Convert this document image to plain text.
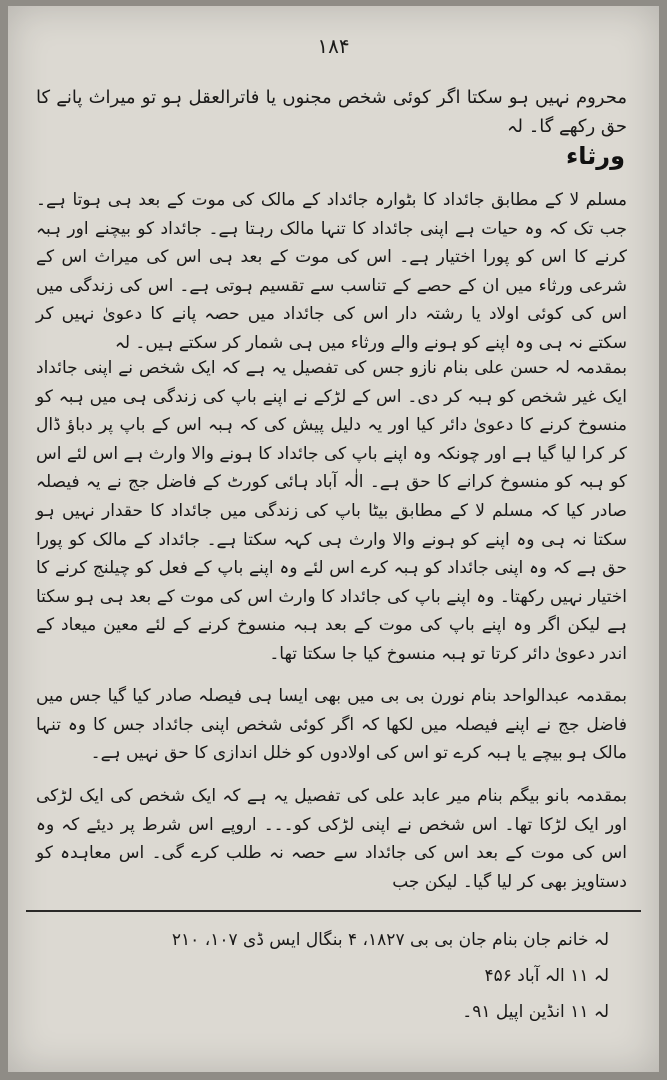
۱۸۴
محروم نہیں ہو سکتا اگر کوئی شخص مجنوں یا فاترالعقل ہو تو میراث پانے کا حق رکھے گا۔ لہ
ورثاء

مسلم لا کے مطابق جائداد کا بٹوارہ جائداد کے مالک کی موت کے بعد ہی ہوتا ہے۔ جب تک کہ وہ حیات ہے اپنی جائداد کا تنہا مالک رہتا ہے۔ جائداد کو بیچنے اور ہبہ کرنے کا اس کو پورا اختیار ہے۔ اس کی موت کے بعد ہی اس کی میراث اس کے شرعی ورثاء میں ان کے حصے کے تناسب سے تقسیم ہوتی ہے۔ اس کی زندگی میں اس کی کوئی اولاد یا رشتہ دار اس کی جائداد میں حصہ پانے کا دعویٰ نہیں کر سکتے نہ ہی وہ اپنے کو ہونے والے ورثاء میں ہی شمار کر سکتے ہیں۔ لہ

بمقدمہ لہ حسن علی بنام نازو جس کی تفصیل یہ ہے کہ ایک شخص نے اپنی جائداد ایک غیر شخص کو ہبہ کر دی۔ اس کے لڑکے نے اپنے باپ کی زندگی ہی میں ہبہ کو منسوخ کرنے کا دعویٰ دائر کیا اور یہ دلیل پیش کی کہ ہبہ اس کے باپ پر دباؤ ڈال کر کرا لیا گیا ہے اور چونکہ وہ اپنے باپ کی جائداد کا ہونے والا وارث ہے اس لئے اس کو ہبہ کو منسوخ کرانے کا حق ہے۔ الٰہ آباد ہائی کورٹ کے فاضل جج نے یہ فیصلہ صادر کیا کہ مسلم لا کے مطابق بیٹا باپ کی زندگی میں جائداد کا حقدار نہیں ہو سکتا نہ ہی وہ اپنے کو ہونے والا وارث ہی کہہ سکتا ہے۔ جائداد کے مالک کو پورا حق ہے کہ وہ اپنی جائداد کو ہبہ کرے اس لئے وہ اپنے باپ کے فعل کو چیلنج کرنے کا اختیار نہیں رکھتا۔ وہ اپنے باپ کی جائداد کا وارث اس کی موت کے بعد ہی ہو سکتا ہے لیکن اگر وہ اپنے باپ کی موت کے بعد ہبہ منسوخ کرنے کے لئے معین میعاد کے اندر دعویٰ دائر کرتا تو ہبہ منسوخ کیا جا سکتا تھا۔

بمقدمہ عبدالواحد بنام نورن بی بی میں بھی ایسا ہی فیصلہ صادر کیا گیا جس میں فاضل جج نے اپنے فیصلہ میں لکھا کہ اگر کوئی شخص اپنی جائداد جس کا وہ تنہا مالک ہو بیچے یا ہبہ کرے تو اس کی اولادوں کو خلل اندازی کا حق نہیں ہے۔

بمقدمہ بانو بیگم بنام میر عابد علی کی تفصیل یہ ہے کہ ایک شخص کی ایک لڑکی اور ایک لڑکا تھا۔ اس شخص نے اپنی لڑکی کو۔۔۔ اروپے اس شرط پر دیئے کہ وہ اس کی موت کے بعد اس کی جائداد سے حصہ نہ طلب کرے گی۔ اس معاہدہ کو دستاویز بھی کر لیا گیا۔ لیکن جب

لہ خانم جان بنام جان بی بی ۱۸۲۷، ۴ بنگال ایس ڈی ۱۰۷، ۲۱۰
لہ ۱۱ الہ آباد ۴۵۶
لہ ۱۱ انڈین اپیل ۹۱۔
